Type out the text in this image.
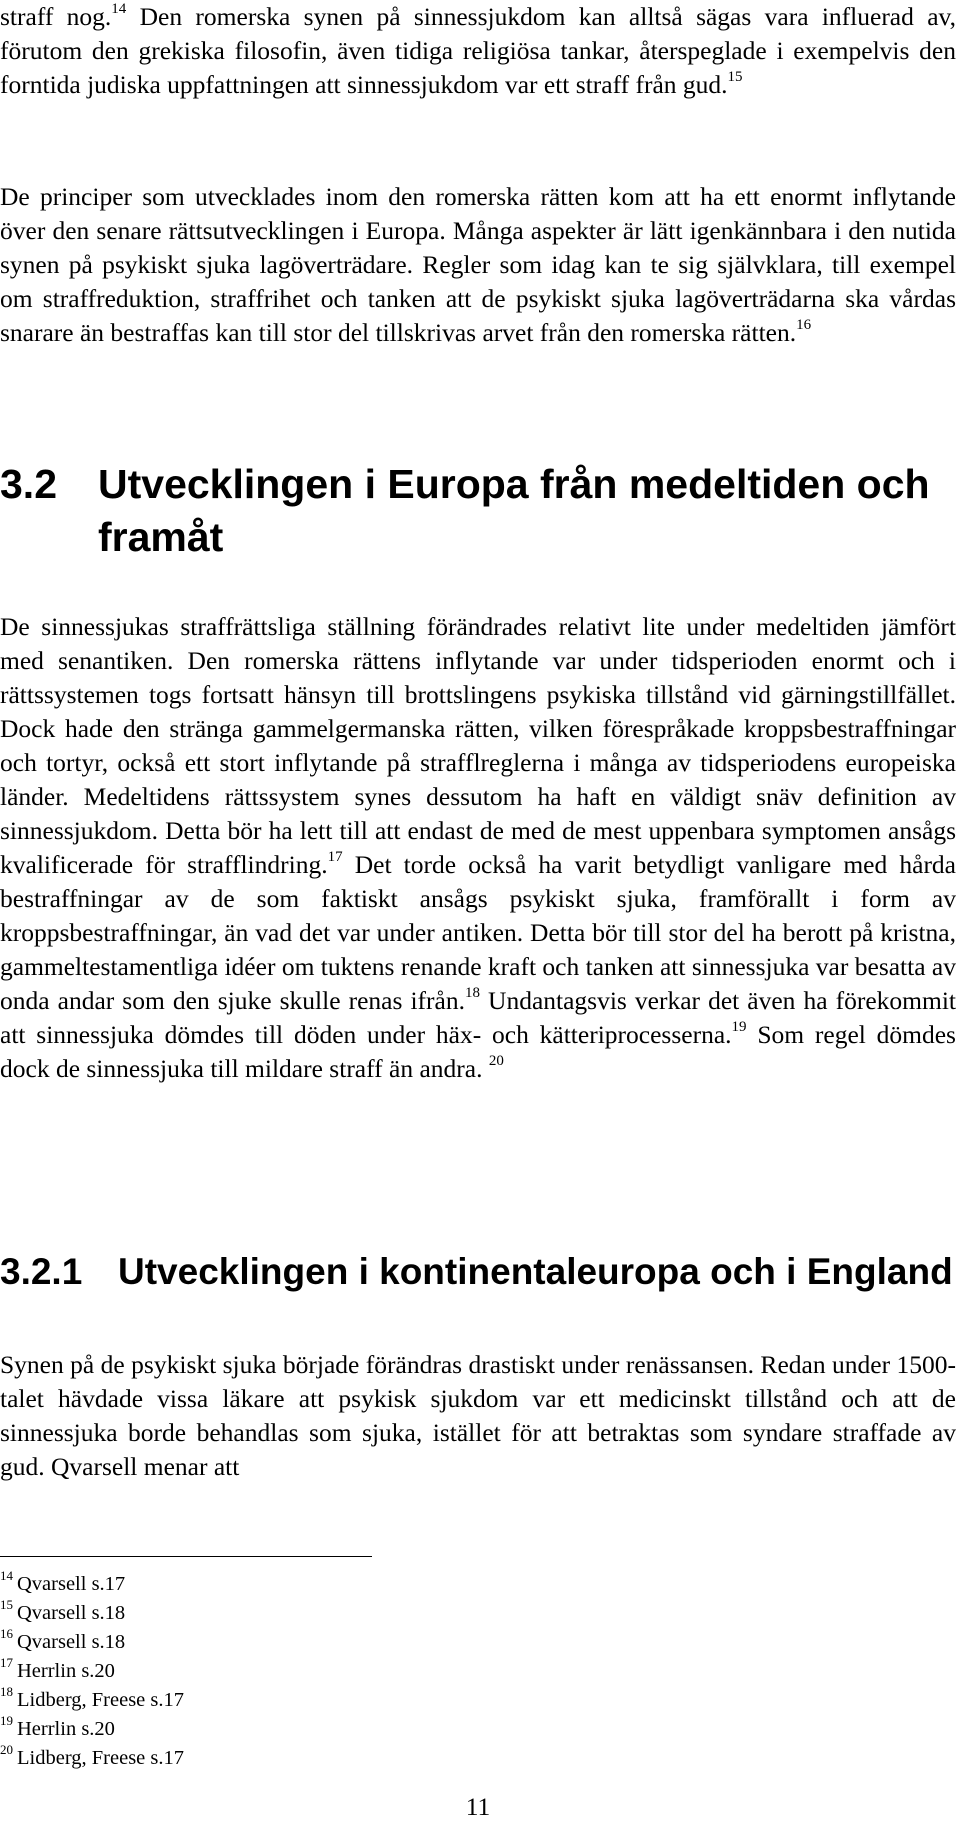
straff nog.$^{14}$ Den romerska synen på sinnessjukdom kan alltså sägas vara influerad av, förutom den grekiska filosofin, även tidiga religiösa tankar, återspeglade i exempelvis den forntida judiska uppfattningen att sinnessjukdom var ett straff från gud.$^{15}$

De principer som utvecklades inom den romerska rätten kom att ha ett enormt inflytande över den senare rättsutvecklingen i Europa. Många aspekter är lätt igenkännbara i den nutida synen på psykiskt sjuka lagöverträdare. Regler som idag kan te sig självklara, till exempel om straffreduktion, straffrihet och tanken att de psykiskt sjuka lagöverträdarna ska vårdas snarare än bestraffas kan till stor del tillskrivas arvet från den romerska rätten.$^{16}$

3.2	Utvecklingen i Europa från medeltiden och framåt

De sinnessjukas straffrättsliga ställning förändrades relativt lite under medeltiden jämfört med senantiken. Den romerska rättens inflytande var under tidsperioden enormt och i rättssystemen togs fortsatt hänsyn till brottslingens psykiska tillstånd vid gärningstillfället. Dock hade den stränga gammelgermanska rätten, vilken förespråkade kroppsbestraffningar och tortyr, också ett stort inflytande på strafflreglerna i många av tidsperiodens europeiska länder. Medeltidens rättssystem synes dessutom ha haft en väldigt snäv definition av sinnessjukdom. Detta bör ha lett till att endast de med de mest uppenbara symptomen ansågs kvalificerade för strafflindring.$^{17}$ Det torde också ha varit betydligt vanligare med hårda bestraffningar av de som faktiskt ansågs psykiskt sjuka, framförallt i form av kroppsbestraffningar, än vad det var under antiken. Detta bör till stor del ha berott på kristna, gammeltestamentliga idéer om tuktens renande kraft och tanken att sinnessjuka var besatta av onda andar som den sjuke skulle renas ifrån.$^{18}$ Undantagsvis verkar det även ha förekommit att sinnessjuka dömdes till döden under häx- och kätteriprocesserna.$^{19}$ Som regel dömdes dock de sinnessjuka till mildare straff än andra. $^{20}$

3.2.1 Utvecklingen i kontinentaleuropa och i England

Synen på de psykiskt sjuka började förändras drastiskt under renässansen. Redan under 1500-talet hävdade vissa läkare att psykisk sjukdom var ett medicinskt tillstånd och att de sinnessjuka borde behandlas som sjuka, istället för att betraktas som syndare straffade av gud. Qvarsell menar att

$^{14}$ Qvarsell s.17
$^{15}$ Qvarsell s.18
$^{16}$ Qvarsell s.18
$^{17}$ Herrlin s.20
$^{18}$ Lidberg, Freese s.17
$^{19}$ Herrlin s.20
$^{20}$ Lidberg, Freese s.17
11
